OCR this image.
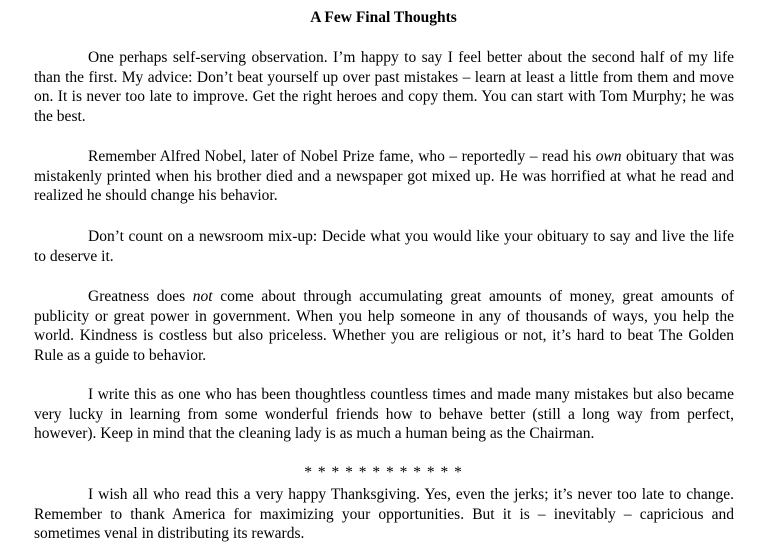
A Few Final Thoughts

One perhaps self-serving observation. I’m happy to say I feel better about the second half of my life than the first. My advice: Don’t beat yourself up over past mistakes – learn at least a little from them and move on. It is never too late to improve. Get the right heroes and copy them. You can start with Tom Murphy; he was the best.

Remember Alfred Nobel, later of Nobel Prize fame, who – reportedly – read his own obituary that was mistakenly printed when his brother died and a newspaper got mixed up. He was horrified at what he read and realized he should change his behavior.

Don’t count on a newsroom mix-up: Decide what you would like your obituary to say and live the life to deserve it.

Greatness does not come about through accumulating great amounts of money, great amounts of publicity or great power in government. When you help someone in any of thousands of ways, you help the world. Kindness is costless but also priceless. Whether you are religious or not, it’s hard to beat The Golden Rule as a guide to behavior.

I write this as one who has been thoughtless countless times and made many mistakes but also became very lucky in learning from some wonderful friends how to behave better (still a long way from perfect, however). Keep in mind that the cleaning lady is as much a human being as the Chairman.

* * * * * * * * * * * *

I wish all who read this a very happy Thanksgiving. Yes, even the jerks; it’s never too late to change. Remember to thank America for maximizing your opportunities. But it is – inevitably – capricious and sometimes venal in distributing its rewards.
